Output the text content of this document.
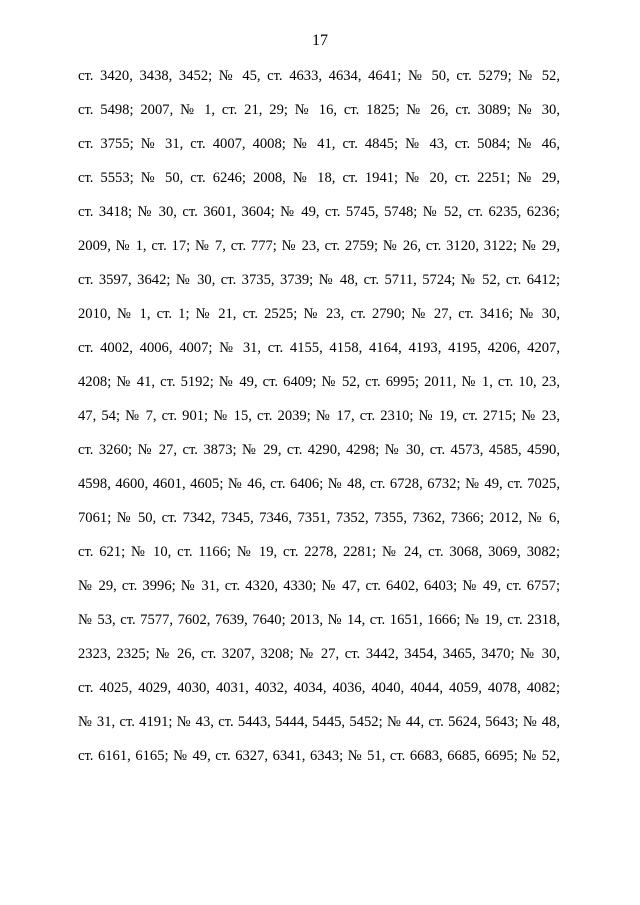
17
ст. 3420, 3438, 3452; № 45, ст. 4633, 4634, 4641; № 50, ст. 5279; № 52,
ст. 5498; 2007, № 1, ст. 21, 29; № 16, ст. 1825; № 26, ст. 3089; № 30,
ст. 3755; № 31, ст. 4007, 4008; № 41, ст. 4845; № 43, ст. 5084; № 46,
ст. 5553; № 50, ст. 6246; 2008, № 18, ст. 1941; № 20, ст. 2251; № 29,
ст. 3418; № 30, ст. 3601, 3604; № 49, ст. 5745, 5748; № 52, ст. 6235, 6236;
2009, № 1, ст. 17; № 7, ст. 777; № 23, ст. 2759; № 26, ст. 3120, 3122; № 29,
ст. 3597, 3642; № 30, ст. 3735, 3739; № 48, ст. 5711, 5724; № 52, ст. 6412;
2010, № 1, ст. 1; № 21, ст. 2525; № 23, ст. 2790; № 27, ст. 3416; № 30,
ст. 4002, 4006, 4007; № 31, ст. 4155, 4158, 4164, 4193, 4195, 4206, 4207,
4208; № 41, ст. 5192; № 49, ст. 6409; № 52, ст. 6995; 2011, № 1, ст. 10, 23,
47, 54; № 7, ст. 901; № 15, ст. 2039; № 17, ст. 2310; № 19, ст. 2715; № 23,
ст. 3260; № 27, ст. 3873; № 29, ст. 4290, 4298; № 30, ст. 4573, 4585, 4590,
4598, 4600, 4601, 4605; № 46, ст. 6406; № 48, ст. 6728, 6732; № 49, ст. 7025,
7061; № 50, ст. 7342, 7345, 7346, 7351, 7352, 7355, 7362, 7366; 2012, № 6,
ст. 621; № 10, ст. 1166; № 19, ст. 2278, 2281; № 24, ст. 3068, 3069, 3082;
№ 29, ст. 3996; № 31, ст. 4320, 4330; № 47, ст. 6402, 6403; № 49, ст. 6757;
№ 53, ст. 7577, 7602, 7639, 7640; 2013, № 14, ст. 1651, 1666; № 19, ст. 2318,
2323, 2325; № 26, ст. 3207, 3208; № 27, ст. 3442, 3454, 3465, 3470; № 30,
ст. 4025, 4029, 4030, 4031, 4032, 4034, 4036, 4040, 4044, 4059, 4078, 4082;
№ 31, ст. 4191; № 43, ст. 5443, 5444, 5445, 5452; № 44, ст. 5624, 5643; № 48,
ст. 6161, 6165; № 49, ст. 6327, 6341, 6343; № 51, ст. 6683, 6685, 6695; № 52,
